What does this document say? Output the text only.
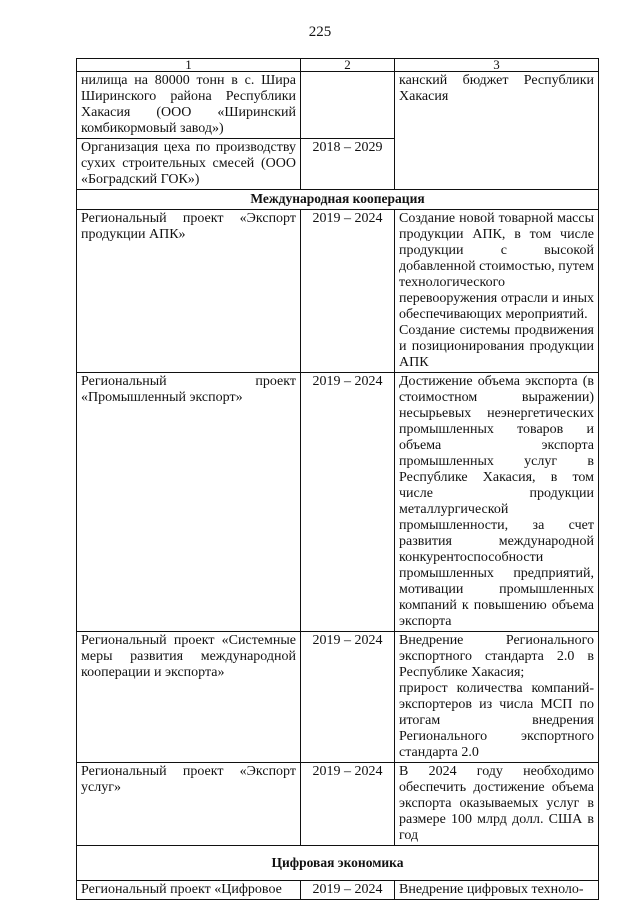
225
1	2	3
нилища на 80000 тонн в с. Шира Ширинского района Республики Хакасия (ООО «Ширинский комбикормовый завод»)		канский бюджет Республики Хакасия
Организация цеха по производству сухих строительных смесей (ООО «Боградский ГОК»)	2018 – 2029	
Международная кооперация		
Региональный проект «Экспорт продукции АПК»	2019 – 2024	Создание новой товарной массы продукции АПК, в том числе продукции с высокой добавленной стоимостью, путем технологического перевооружения отрасли и иных обеспечивающих мероприятий.
Создание системы продвижения и позиционирования продукции АПК

Региональный проект «Промышленный экспорт»	2019 – 2024	Достижение объема экспорта (в стоимостном выражении) несырьевых неэнергетических промышленных товаров и объема экспорта промышленных услуг в Республике Хакасия, в том числе продукции металлургической промышленности, за счет развития международной конкурентоспособности промышленных предприятий, мотивации промышленных компаний к повышению объема экспорта
Региональный проект «Системные меры развития международной кооперации и экспорта»	2019 – 2024	Внедрение Регионального экспортного стандарта 2.0 в Республике Хакасия;
прирост количества компаний-экспортеров из числа МСП по итогам внедрения Регионального экспортного стандарта 2.0

Региональный проект «Экспорт услуг»	2019 – 2024	В 2024 году необходимо обеспечить достижение объема экспорта оказываемых услуг в размере 100 млрд долл. США в год
Цифровая экономика		
Региональный проект «Цифровое	2019 – 2024	Внедрение цифровых техноло-
